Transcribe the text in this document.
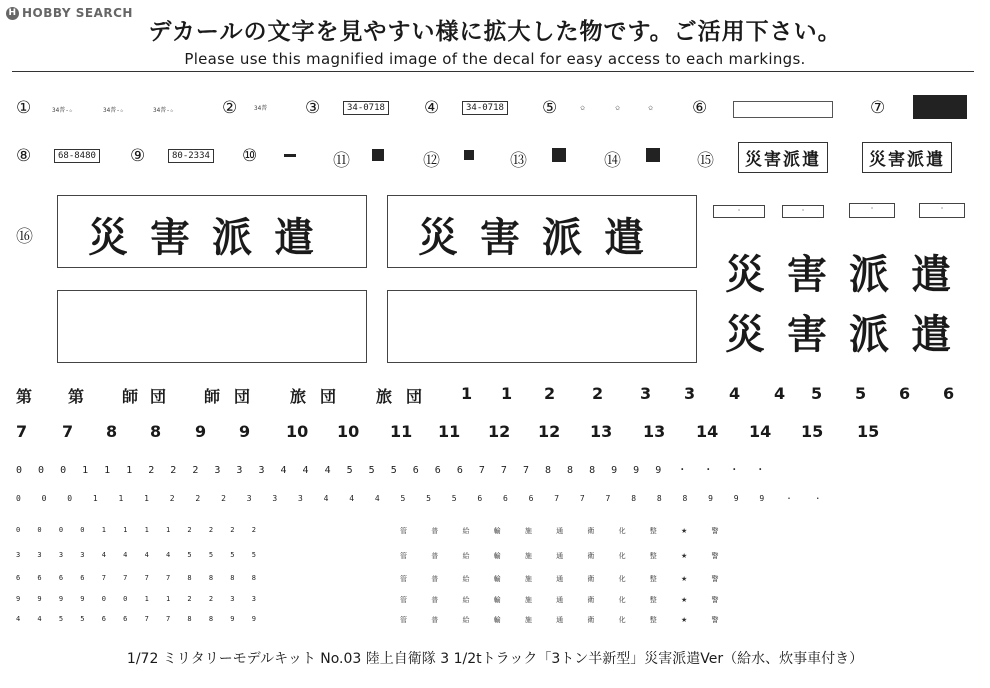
H HOBBY SEARCH
デカールの文字を見やすい様に拡大した物です。ご活用下さい。
Please use this magnified image of the decal for easy access to each markings.
①	34普-☆	34普-☆	34普-☆	②	34普 ③	34-0718 ④	34-0718 ⑤	✩	✩	✩ ⑥	⑦
⑧	68-8480 ⑨	80-2334 ⑩	⑪	⑫	⑬	⑭	⑮	災害派遣	災害派遣
⑯ 災害派遣 災害派遣
·	·	·	·
災害派遣
災害派遣
第 第 師 団 師 団 旅 団 旅 団 1 1 2 2 3 3 4 4 5 5 6 6
7 7 8 8 9 9 10 10 11 11 12 12 13 13 14 14 15 15
0 0 0 1 1 1 2 2 2 3 3 3 4 4 4 5 5 5 6 6 6 7 7 7 8 8 8 9 9 9 ・ ・ ・ ・
0 0 0 1 1 1 2 2 2 3 3 3 4 4 4 5 5 5 6 6 6 7 7 7 8 8 8 9 9 9 ・ ・
0 0 0 0 1 1 1 1 2 2 2 2
3 3 3 3 4 4 4 4 5 5 5 5
6 6 6 6 7 7 7 7 8 8 8 8
9 9 9 9 0 0 1 1 2 2 3 3
4 4 5 5 6 6 7 7 8 8 9 9
管 普 給 輸 施 通 衛 化 整 ★ 警
管 普 給 輸 施 通 衛 化 整 ★ 警
管 普 給 輸 施 通 衛 化 整 ★ 警
管 普 給 輸 施 通 衛 化 整 ★ 警
管 普 給 輸 施 通 衛 化 整 ★ 警
1/72 ミリタリーモデルキット No.03 陸上自衛隊 3 1/2tトラック「3トン半新型」災害派遣Ver（給水、炊事車付き）
